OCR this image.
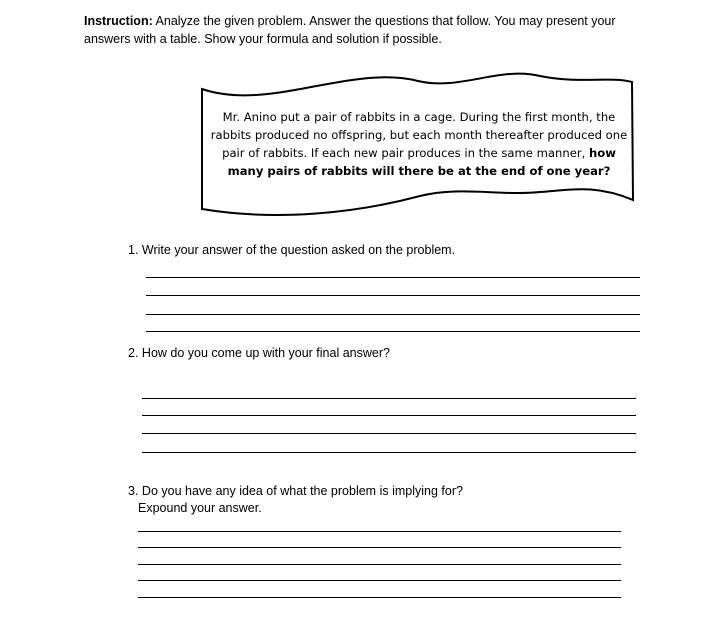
Instruction: Analyze the given problem. Answer the questions that follow. You may present your answers with a table. Show your formula and solution if possible.
Mr. Anino put a pair of rabbits in a cage. During the first month, the rabbits produced no offspring, but each month thereafter produced one pair of rabbits. If each new pair produces in the same manner, how many pairs of rabbits will there be at the end of one year?
1. Write your answer of the question asked on the problem.
2. How do you come up with your final answer?
3. Do you have any idea of what the problem is implying for?
Expound your answer.
